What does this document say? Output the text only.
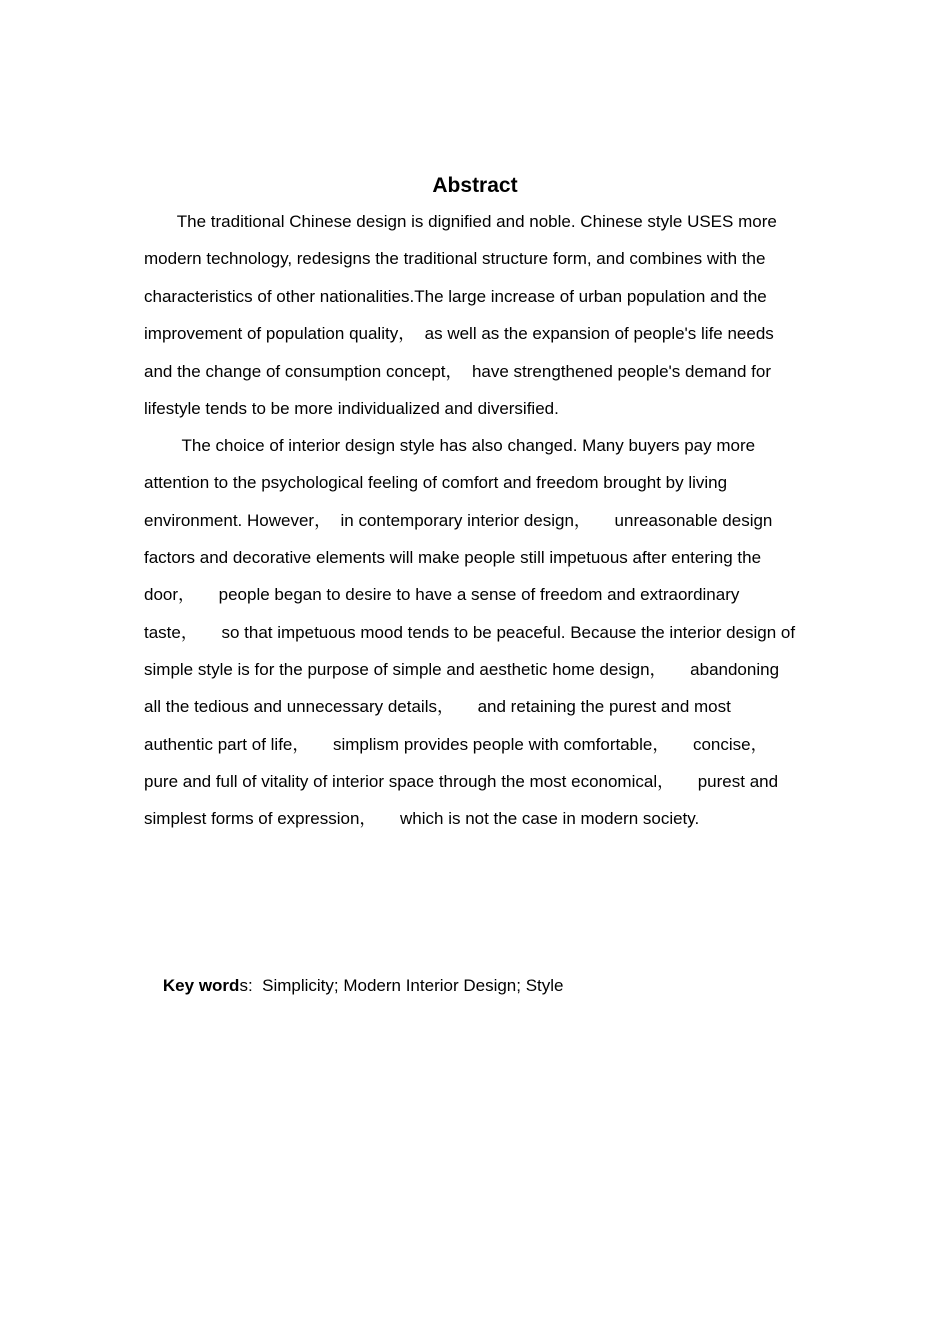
Abstract
The traditional Chinese design is dignified and noble. Chinese style USES more
modern technology, redesigns the traditional structure form, and combines with the
characteristics of other nationalities.The large increase of urban population and the
improvement of population quality，  as well as the expansion of people's life needs
and the change of consumption concept，  have strengthened people's demand for
lifestyle tends to be more individualized and diversified.
The choice of interior design style has also changed. Many buyers pay more
attention to the psychological feeling of comfort and freedom brought by living
environment. However，  in contemporary interior design，     unreasonable design
factors and decorative elements will make people still impetuous after entering the
door，     people began to desire to have a sense of freedom and extraordinary
taste，     so that impetuous mood tends to be peaceful. Because the interior design of
simple style is for the purpose of simple and aesthetic home design，     abandoning
all the tedious and unnecessary details，     and retaining the purest and most
authentic part of life，     simplism provides people with comfortable，     concise，
pure and full of vitality of interior space through the most economical，     purest and
simplest forms of expression，     which is not the case in modern society.

Key words:  Simplicity; Modern Interior Design; Style
